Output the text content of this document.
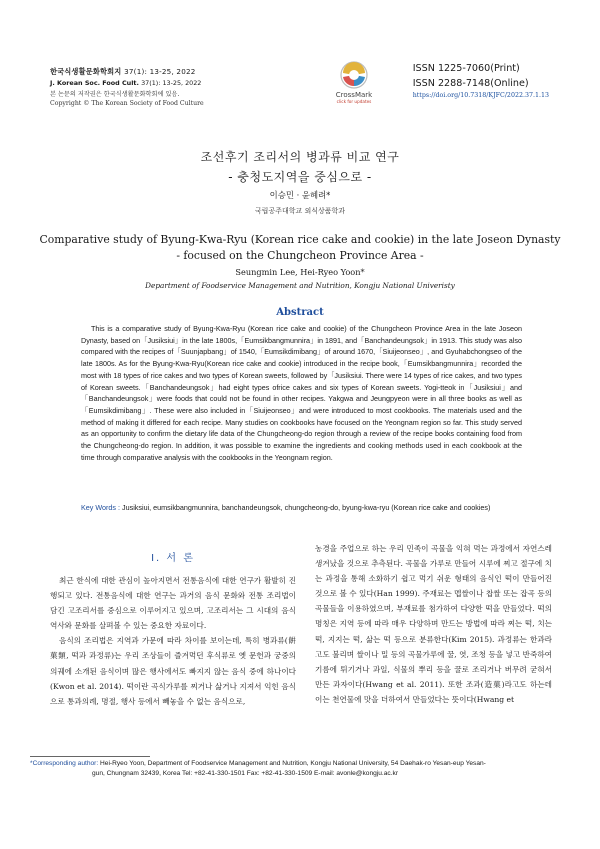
한국식생활문화학회지 37(1): 13-25, 2022
J. Korean Soc. Food Cult. 37(1): 13-25, 2022
본 논문의 저작권은 한국식생활문화학회에 있음.
Copyright © The Korean Society of Food Culture
CrossMark
click for updates
ISSN 1225-7060(Print)
ISSN 2288-7148(Online)
https://doi.org/10.7318/KJFC/2022.37.1.13
조선후기 조리서의 병과류 비교 연구
- 충청도지역을 중심으로 -
이승민 · 윤혜려*
국립공주대학교 외식상품학과
Comparative study of Byung-Kwa-Ryu (Korean rice cake and cookie) in the late Joseon Dynasty
- focused on the Chungcheon Province Area -
Seungmin Lee, Hei-Ryeo Yoon*
Department of Foodservice Management and Nutrition, Kongju National Univeristy
Abstract
This is a comparative study of Byung-Kwa-Ryu (Korean rice cake and cookie) of the Chungcheon Province Area in the late Joseon Dynasty, based on「Jusiksiui」in the late 1800s,「Eumsikbangmunnira」in 1891, and「Banchandeungsok」in 1913. This study was also compared with the recipes of「Suunjapbang」of 1540,「Eumsikdimibang」of around 1670,「Siuijeonseo」, and Gyuhabchongseo of the late 1800s. As for the Byung-Kwa-Ryu(Korean rice cake and cookie) introduced in the recipe book,「Eumsikbangmunnira」recorded the most with 18 types of rice cakes and two types of Korean sweets, followed by「Jusiksiui. There were 14 types of rice cakes, and two types of Korean sweets.「Banchandeungsok」had eight types ofrice cakes and six types of Korean sweets. Yogi-tteok in「Jusiksiui」and「Banchandeungsok」were foods that could not be found in other recipes. Yakgwa and Jeungpyeon were in all three books as well as「Eumsikdimibang」. These were also included in「Siuijeonseo」and were introduced to most cookbooks. The materials used and the method of making it differed for each recipe. Many studies on cookbooks have focused on the Yeongnam region so far. This study served as an opportunity to confirm the dietary life data of the Chungcheong-do region through a review of the recipe books containing food from the Chungcheong-do region. In addition, it was possible to examine the ingredients and cooking methods used in each cookbook at the time through comparative analysis with the cookbooks in the Yeongnam region.
Key Words : Jusiksiui, eumsikbangmunnira, banchandeungsok, chungcheong-do, byung-kwa-ryu (Korean rice cake and cookies)
Ⅰ. 서 론

최근 한식에 대한 관심이 높아지면서 전통음식에 대한 연구가 활발히 진행되고 있다. 전통음식에 대한 연구는 과거의 음식 문화와 전통 조리법이 담긴 고조리서를 중심으로 이루어지고 있으며, 고조리서는 그 시대의 음식 역사와 문화를 살펴볼 수 있는 중요한 자료이다.

음식의 조리법은 지역과 가문에 따라 차이를 보이는데, 특히 병과류(餠菓類, 떡과 과정류)는 우리 조상들이 즐겨먹던 후식류로 옛 문헌과 궁중의 의궤에 소개된 음식이며 많은 행사에서도 빠지지 않는 음식 중에 하나이다(Kwon et al. 2014). 떡이란 곡식가루를 찌거나 삶거나 지져서 익힌 음식으로 통과의례, 명절, 행사 등에서 빼놓을 수 없는 음식으로,

농경을 주업으로 하는 우리 민족이 곡물을 익혀 먹는 과정에서 자연스레 생겨났을 것으로 추측된다. 곡물을 가루로 만들어 시루에 찌고 절구에 치는 과정을 통해 소화하기 쉽고 먹기 쉬운 형태의 음식인 떡이 만들어진 것으로 볼 수 있다(Han 1999). 주재료는 멥쌀이나 찹쌀 또는 잡곡 등의 곡물들을 이용하였으며, 부재료를 첨가하여 다양한 떡을 만들었다. 떡의 명칭은 지역 등에 따라 매우 다양하며 만드는 방법에 따라 찌는 떡, 치는 떡, 지지는 떡, 삶는 떡 등으로 분류한다(Kim 2015). 과정류는 한과라고도 불리며 쌀이나 밀 등의 곡물가루에 꿀, 엿, 조청 등을 넣고 반죽하여 기름에 튀기거나 과일, 식물의 뿌리 등을 꿀로 조리거나 버무려 굳혀서 만든 과자이다(Hwang et al. 2011). 또한 조과(造菓)라고도 하는데 이는 천연물에 맛을 더하여서 만들었다는 뜻이다(Hwang et

*Corresponding author: Hei-Ryeo Yoon, Department of Foodservice Management and Nutrition, Kongju National University, 54 Daehak-ro Yesan-eup Yesan-
gun, Chungnam 32439, Korea Tel: +82-41-330-1501 Fax: +82-41-330-1509 E-mail: avonle@kongju.ac.kr
